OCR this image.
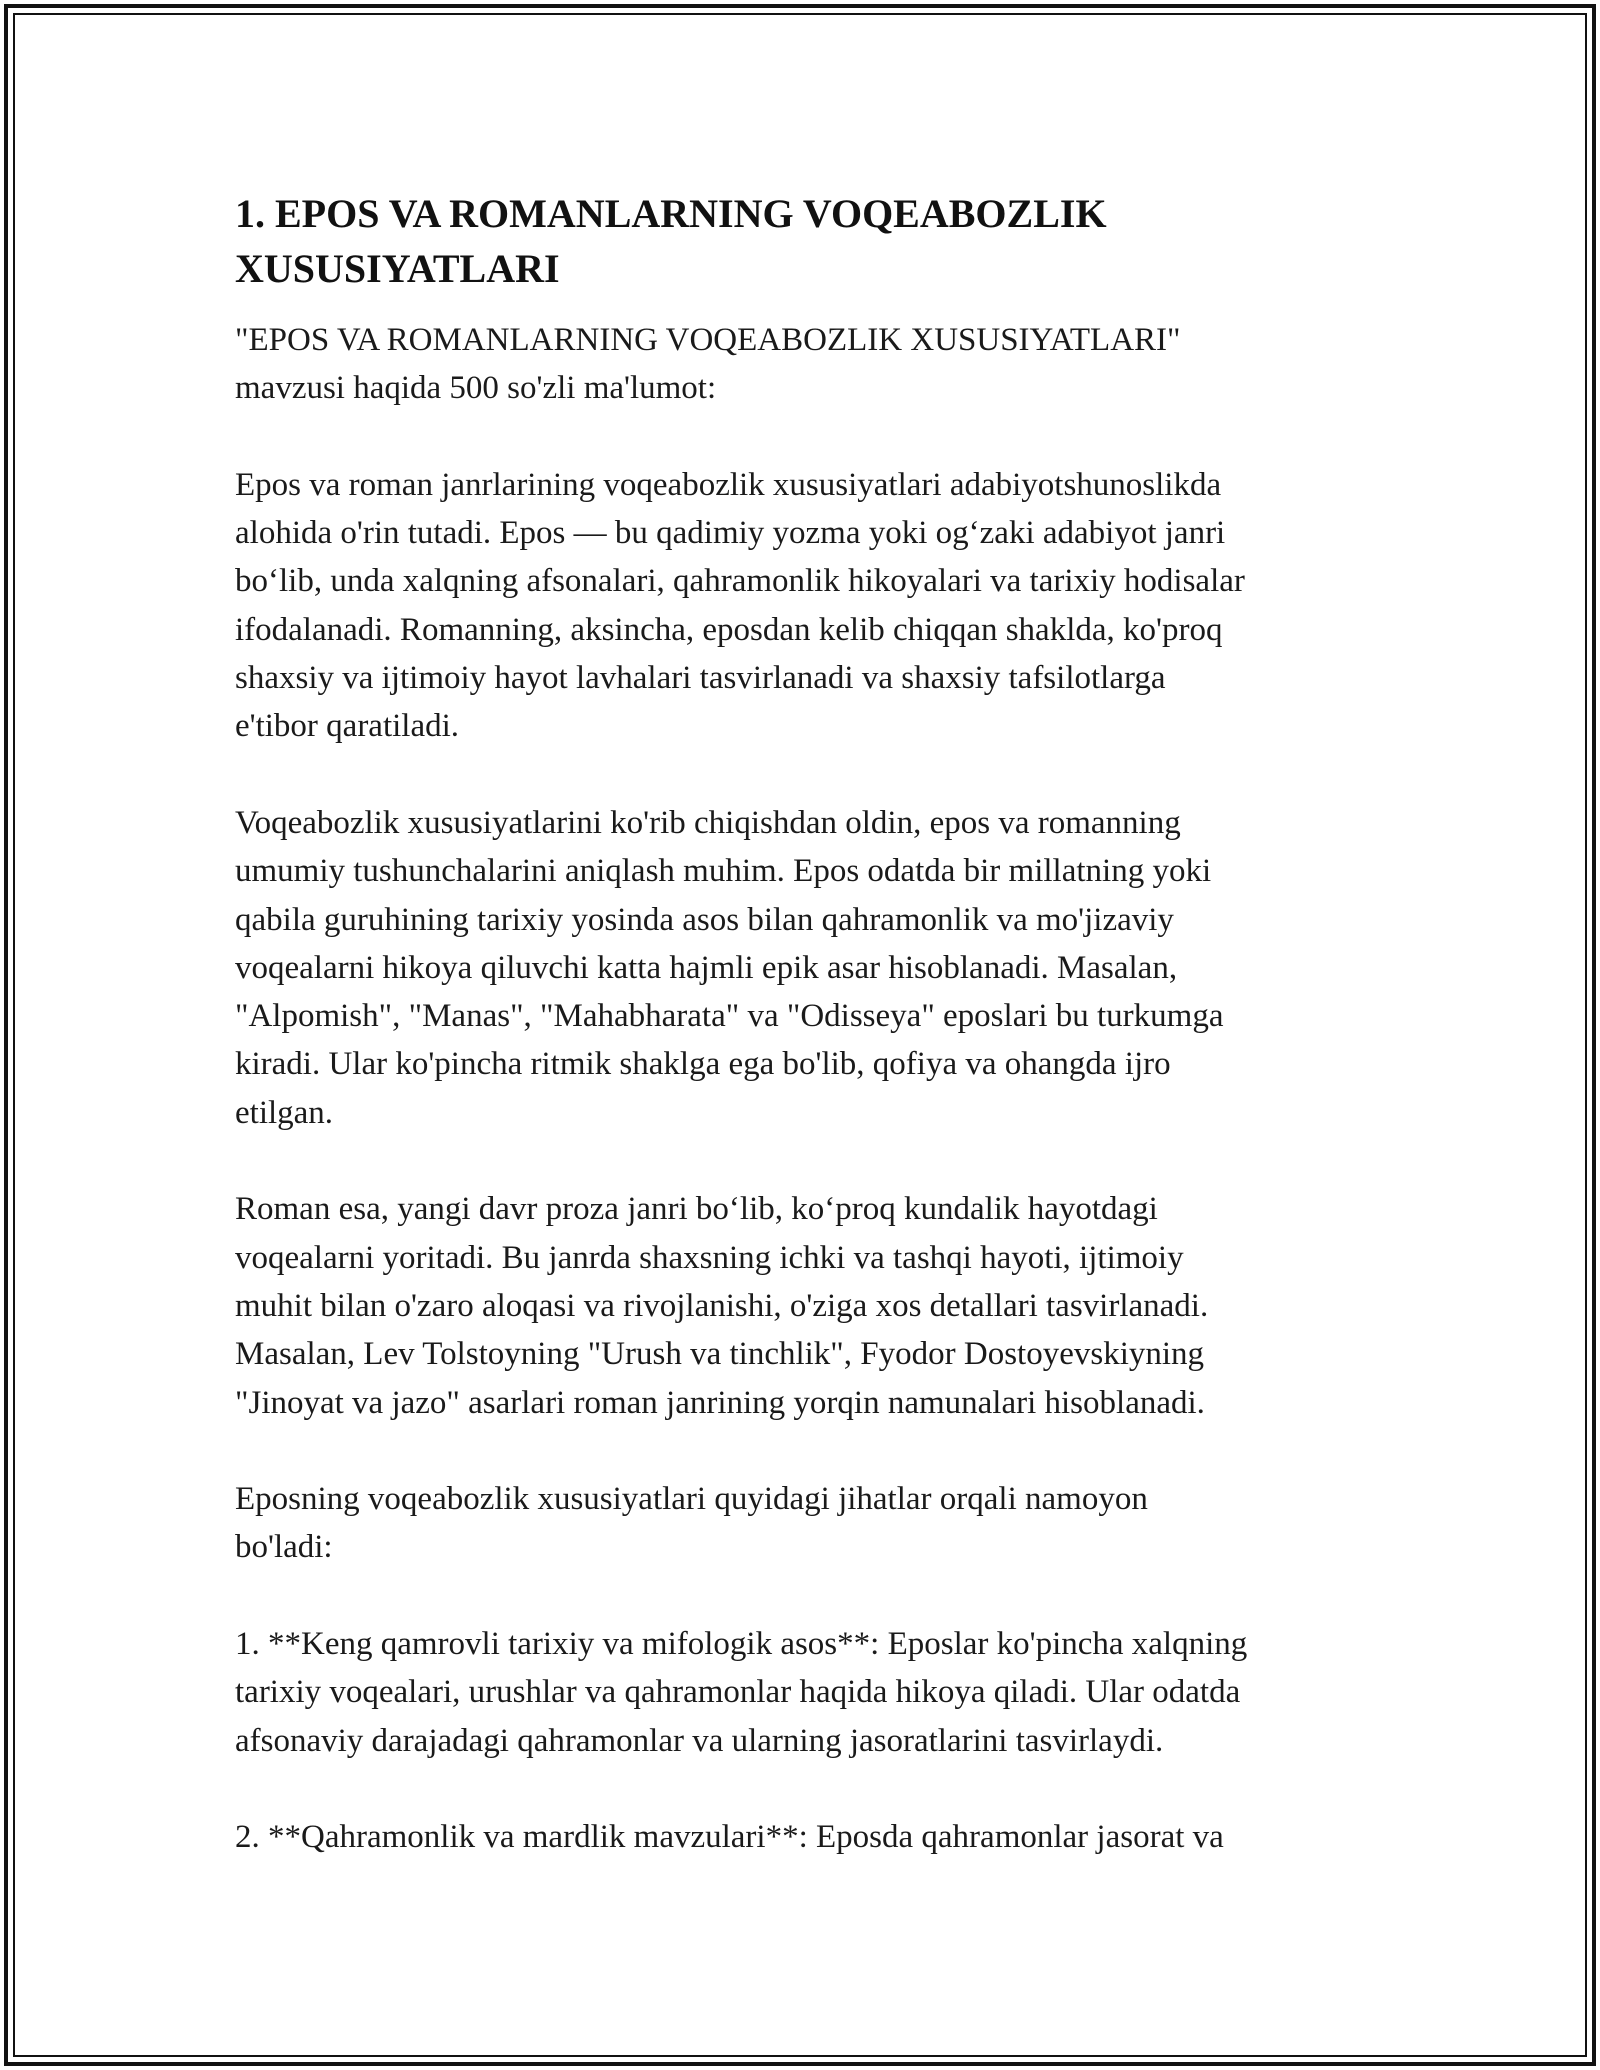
1. EPOS VA ROMANLARNING VOQEABOZLIK
XUSUSIYATLARI

"EPOS VA ROMANLARNING VOQEABOZLIK XUSUSIYATLARI"
mavzusi haqida 500 so'zli ma'lumot:

Epos va roman janrlarining voqeabozlik xususiyatlari adabiyotshunoslikda
alohida o'rin tutadi. Epos — bu qadimiy yozma yoki og‘zaki adabiyot janri
bo‘lib, unda xalqning afsonalari, qahramonlik hikoyalari va tarixiy hodisalar
ifodalanadi. Romanning, aksincha, eposdan kelib chiqqan shaklda, ko'proq
shaxsiy va ijtimoiy hayot lavhalari tasvirlanadi va shaxsiy tafsilotlarga
e'tibor qaratiladi.

Voqeabozlik xususiyatlarini ko'rib chiqishdan oldin, epos va romanning
umumiy tushunchalarini aniqlash muhim. Epos odatda bir millatning yoki
qabila guruhining tarixiy yosinda asos bilan qahramonlik va mo'jizaviy
voqealarni hikoya qiluvchi katta hajmli epik asar hisoblanadi. Masalan,
"Alpomish", "Manas", "Mahabharata" va "Odisseya" eposlari bu turkumga
kiradi. Ular ko'pincha ritmik shaklga ega bo'lib, qofiya va ohangda ijro
etilgan.

Roman esa, yangi davr proza janri bo‘lib, ko‘proq kundalik hayotdagi
voqealarni yoritadi. Bu janrda shaxsning ichki va tashqi hayoti, ijtimoiy
muhit bilan o'zaro aloqasi va rivojlanishi, o'ziga xos detallari tasvirlanadi.
Masalan, Lev Tolstoyning "Urush va tinchlik", Fyodor Dostoyevskiyning
"Jinoyat va jazo" asarlari roman janrining yorqin namunalari hisoblanadi.

Eposning voqeabozlik xususiyatlari quyidagi jihatlar orqali namoyon
bo'ladi:

1. **Keng qamrovli tarixiy va mifologik asos**: Eposlar ko'pincha xalqning
tarixiy voqealari, urushlar va qahramonlar haqida hikoya qiladi. Ular odatda
afsonaviy darajadagi qahramonlar va ularning jasoratlarini tasvirlaydi.

2. **Qahramonlik va mardlik mavzulari**: Eposda qahramonlar jasorat va
